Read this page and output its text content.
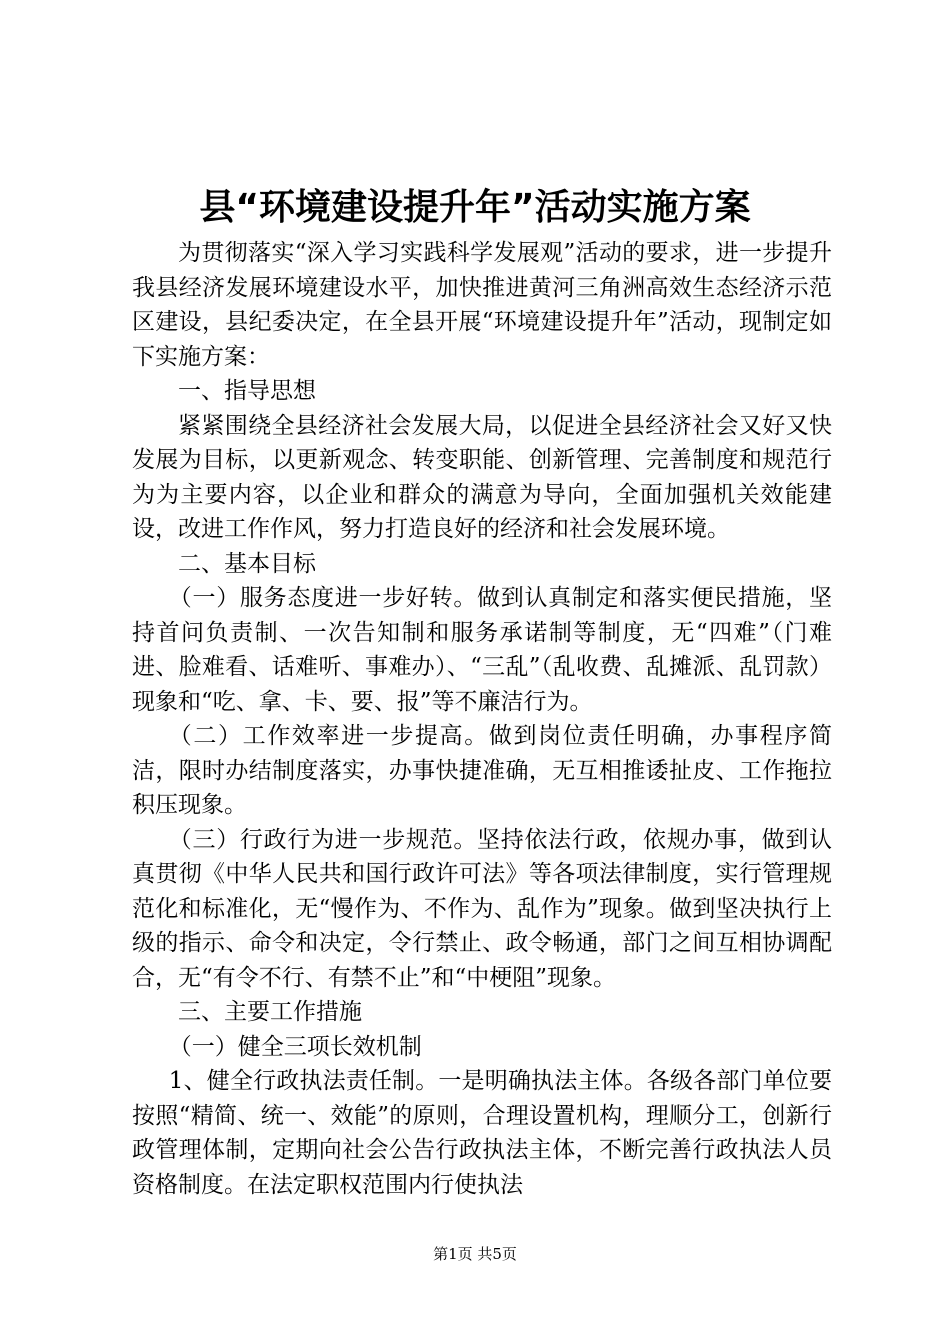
县“环境建设提升年”活动实施方案

为贯彻落实“深入学习实践科学发展观”活动的要求，进一步提升我县经济发展环境建设水平，加快推进黄河三角洲高效生态经济示范区建设，县纪委决定，在全县开展“环境建设提升年”活动，现制定如下实施方案：

一、指导思想

紧紧围绕全县经济社会发展大局，以促进全县经济社会又好又快发展为目标，以更新观念、转变职能、创新管理、完善制度和规范行为为主要内容，以企业和群众的满意为导向，全面加强机关效能建设，改进工作作风，努力打造良好的经济和社会发展环境。

二、基本目标

（一）服务态度进一步好转。做到认真制定和落实便民措施，坚持首问负责制、一次告知制和服务承诺制等制度，无“四难”（门难进、脸难看、话难听、事难办）、“三乱”（乱收费、乱摊派、乱罚款）现象和“吃、拿、卡、要、报”等不廉洁行为。

（二）工作效率进一步提高。做到岗位责任明确，办事程序简洁，限时办结制度落实，办事快捷准确，无互相推诿扯皮、工作拖拉积压现象。

（三）行政行为进一步规范。坚持依法行政，依规办事，做到认真贯彻《中华人民共和国行政许可法》等各项法律制度，实行管理规范化和标准化，无“慢作为、不作为、乱作为”现象。做到坚决执行上级的指示、命令和决定，令行禁止、政令畅通，部门之间互相协调配合，无“有令不行、有禁不止”和“中梗阻”现象。

三、主要工作措施

（一）健全三项长效机制

1、健全行政执法责任制。一是明确执法主体。各级各部门单位要按照“精简、统一、效能”的原则，合理设置机构，理顺分工，创新行政管理体制，定期向社会公告行政执法主体，不断完善行政执法人员资格制度。在法定职权范围内行使执法

第1页 共5页
